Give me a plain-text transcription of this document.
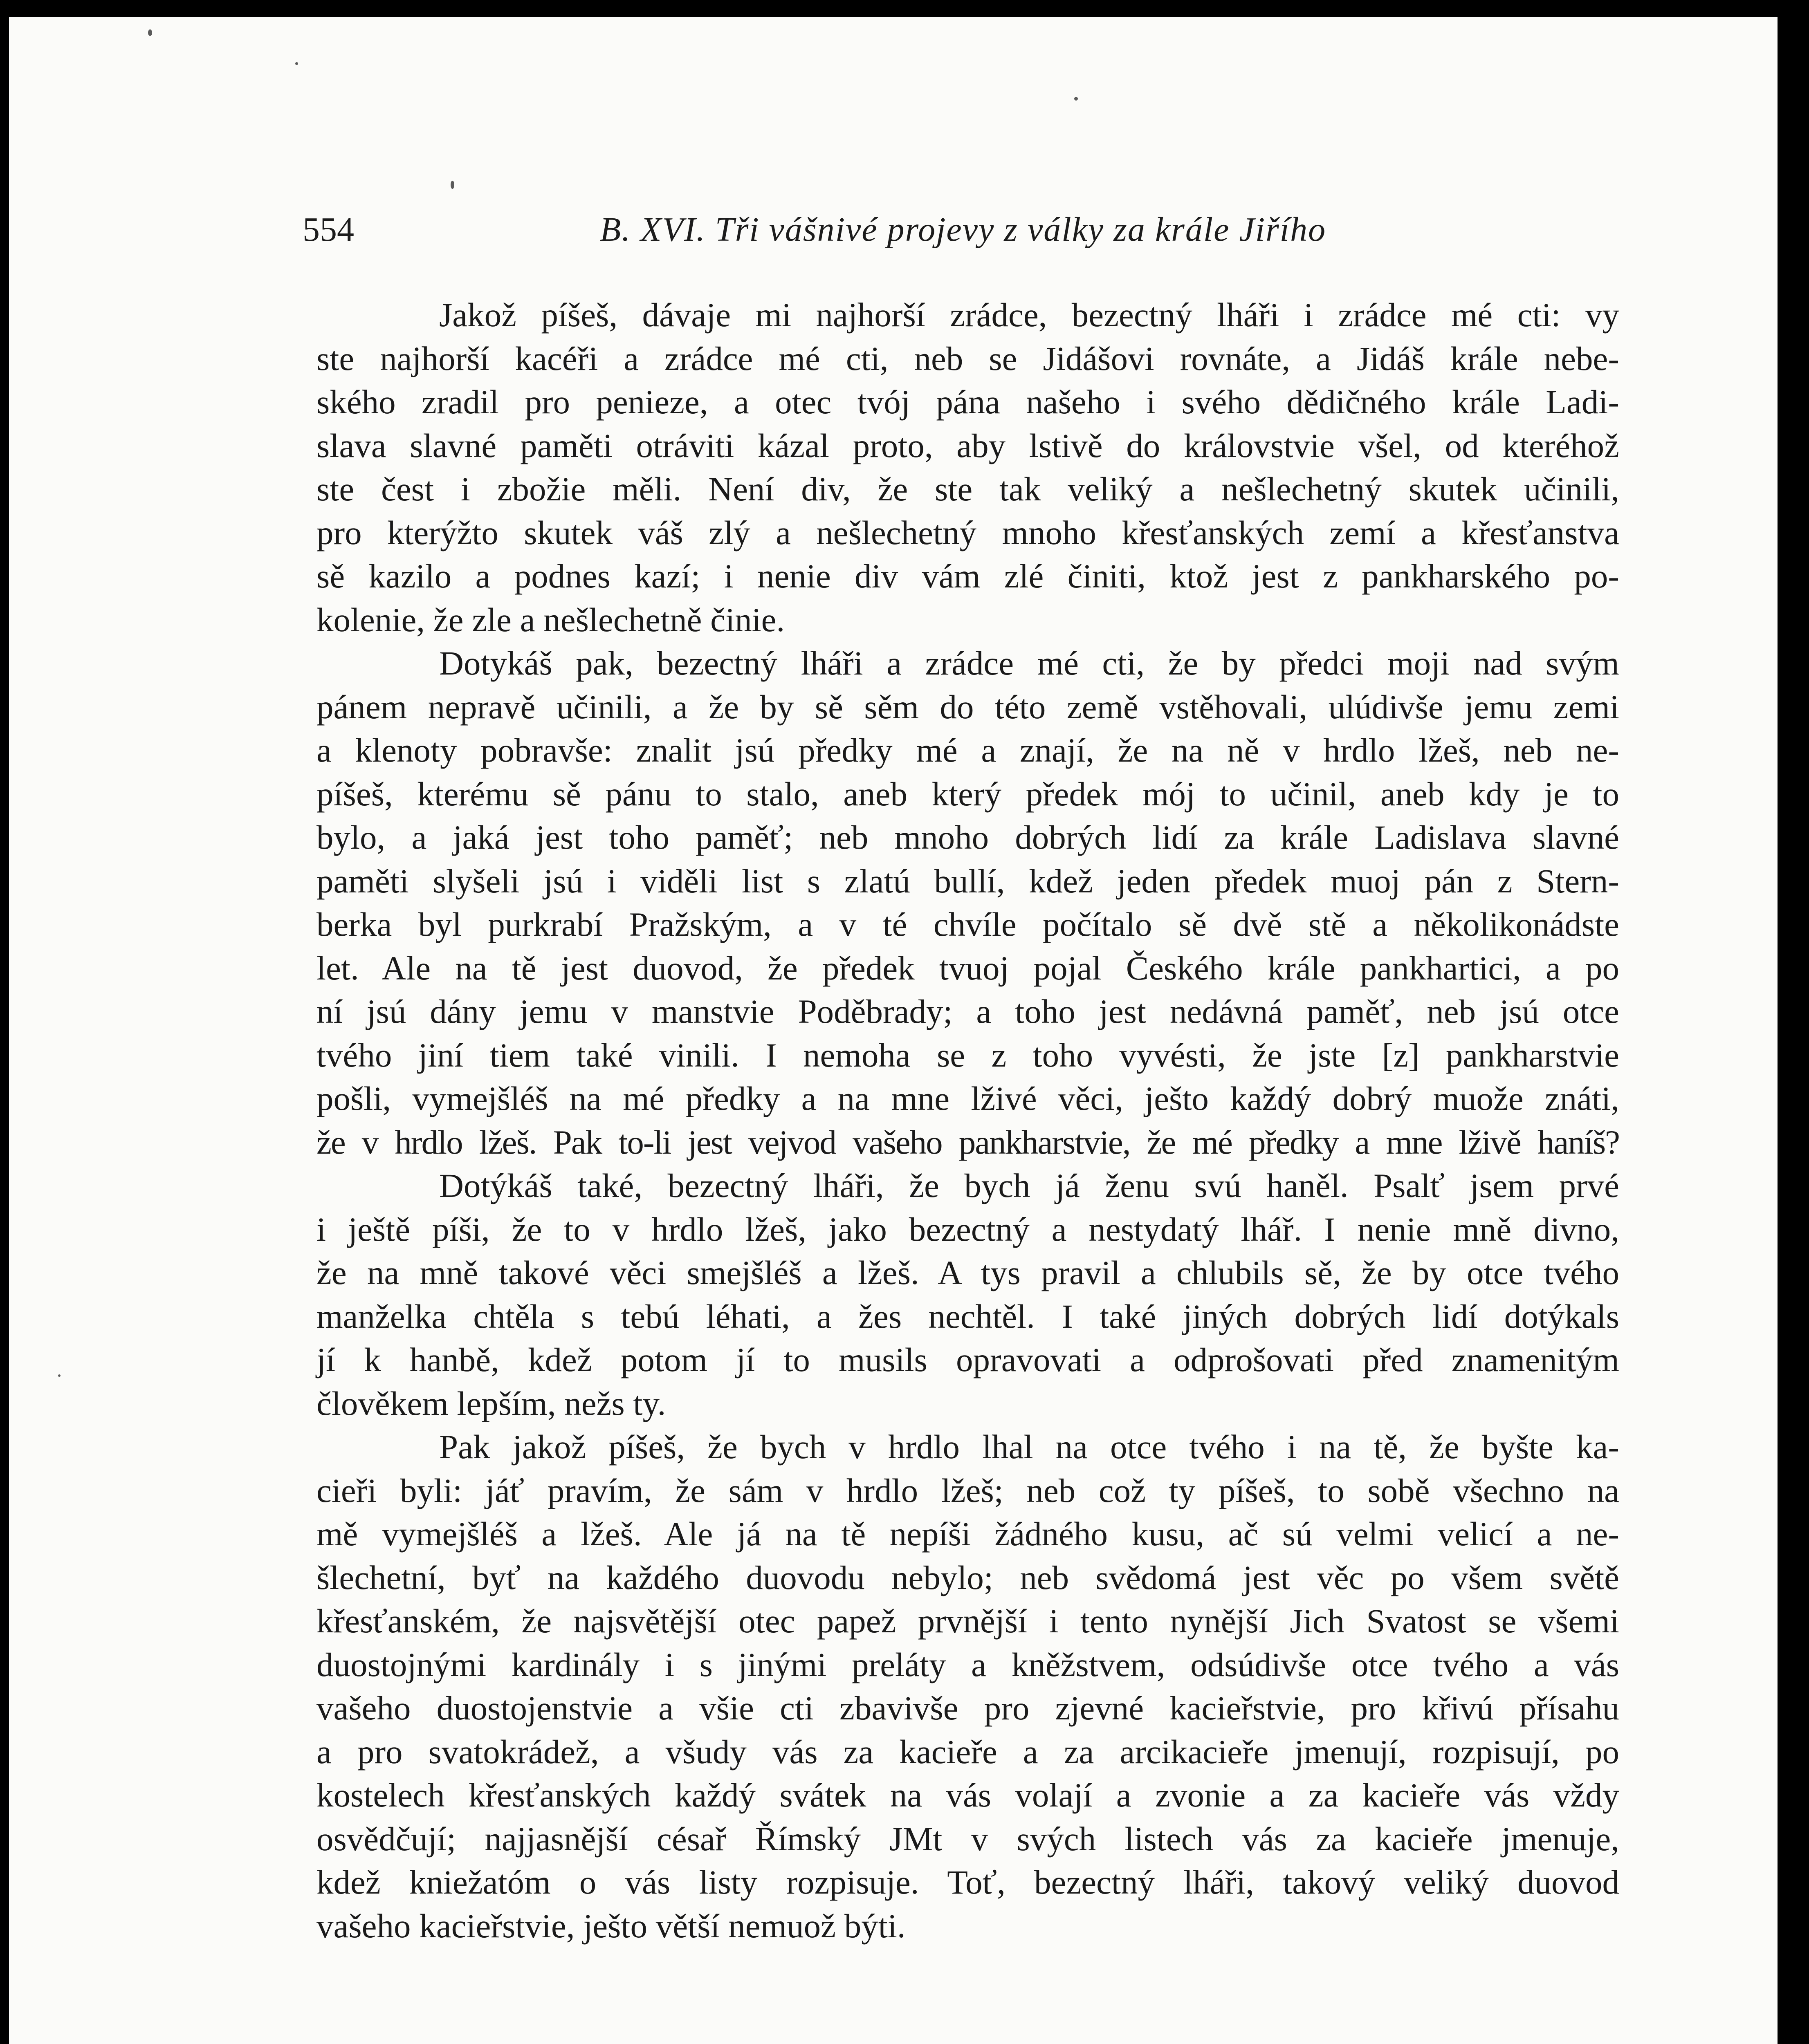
554	B. XVI. Tři vášnivé projevy z války za krále Jiřího
Jakož píšeš, dávaje mi najhorší zrádce, bezectný lháři i zrádce mé cti: vy
ste najhorší kacéři a zrádce mé cti, neb se Jidášovi rovnáte, a Jidáš krále nebe-
ského zradil pro penieze, a otec tvój pána našeho i svého dědičného krále Ladi-
slava slavné paměti otráviti kázal proto, aby lstivě do královstvie všel, od kteréhož
ste čest i zbožie měli. Není div, že ste tak veliký a nešlechetný skutek učinili,
pro kterýžto skutek váš zlý a nešlechetný mnoho křesťanských zemí a křesťanstva
sě kazilo a podnes kazí; i nenie div vám zlé činiti, ktož jest z pankharského po-
kolenie, že zle a nešlechetně činie.
Dotykáš pak, bezectný lháři a zrádce mé cti, že by předci moji nad svým
pánem nepravě učinili, a že by sě sěm do této země vstěhovali, ulúdivše jemu zemi
a klenoty pobravše: znalit jsú předky mé a znají, že na ně v hrdlo lžeš, neb ne-
píšeš, kterému sě pánu to stalo, aneb který předek mój to učinil, aneb kdy je to
bylo, a jaká jest toho paměť; neb mnoho dobrých lidí za krále Ladislava slavné
paměti slyšeli jsú i viděli list s zlatú bullí, kdež jeden předek muoj pán z Stern-
berka byl purkrabí Pražským, a v té chvíle počítalo sě dvě stě a několikonádste
let. Ale na tě jest duovod, že předek tvuoj pojal Českého krále pankhartici, a po
ní jsú dány jemu v manstvie Poděbrady; a toho jest nedávná paměť, neb jsú otce
tvého jiní tiem také vinili. I nemoha se z toho vyvésti, že jste [z] pankharstvie
pošli, vymejšléš na mé předky a na mne lživé věci, ješto každý dobrý muože znáti,
že v hrdlo lžeš. Pak to-li jest vejvod vašeho pankharstvie, že mé předky a mne lživě haníš?
Dotýkáš také, bezectný lháři, že bych já ženu svú haněl. Psalť jsem prvé
i ještě píši, že to v hrdlo lžeš, jako bezectný a nestydatý lhář. I nenie mně divno,
že na mně takové věci smejšléš a lžeš. A tys pravil a chlubils sě, že by otce tvého
manželka chtěla s tebú léhati, a žes nechtěl. I také jiných dobrých lidí dotýkals
jí k hanbě, kdež potom jí to musils opravovati a odprošovati před znamenitým
člověkem lepším, nežs ty.
Pak jakož píšeš, že bych v hrdlo lhal na otce tvého i na tě, že byšte ka-
cieři byli: jáť pravím, že sám v hrdlo lžeš; neb což ty píšeš, to sobě všechno na
mě vymejšléš a lžeš. Ale já na tě nepíši žádného kusu, ač sú velmi velicí a ne-
šlechetní, byť na každého duovodu nebylo; neb svědomá jest věc po všem světě
křesťanském, že najsvětější otec papež prvnější i tento nynější Jich Svatost se všemi
duostojnými kardinály i s jinými preláty a kněžstvem, odsúdivše otce tvého a vás
vašeho duostojenstvie a všie cti zbavivše pro zjevné kacieřstvie, pro křivú přísahu
a pro svatokrádež, a všudy vás za kacieře a za arcikacieře jmenují, rozpisují, po
kostelech křesťanských každý svátek na vás volají a zvonie a za kacieře vás vždy
osvědčují; najjasnější césař Římský JMt v svých listech vás za kacieře jmenuje,
kdež kniežatóm o vás listy rozpisuje. Toť, bezectný lháři, takový veliký duovod
vašeho kacieřstvie, ješto větší nemuož býti.
